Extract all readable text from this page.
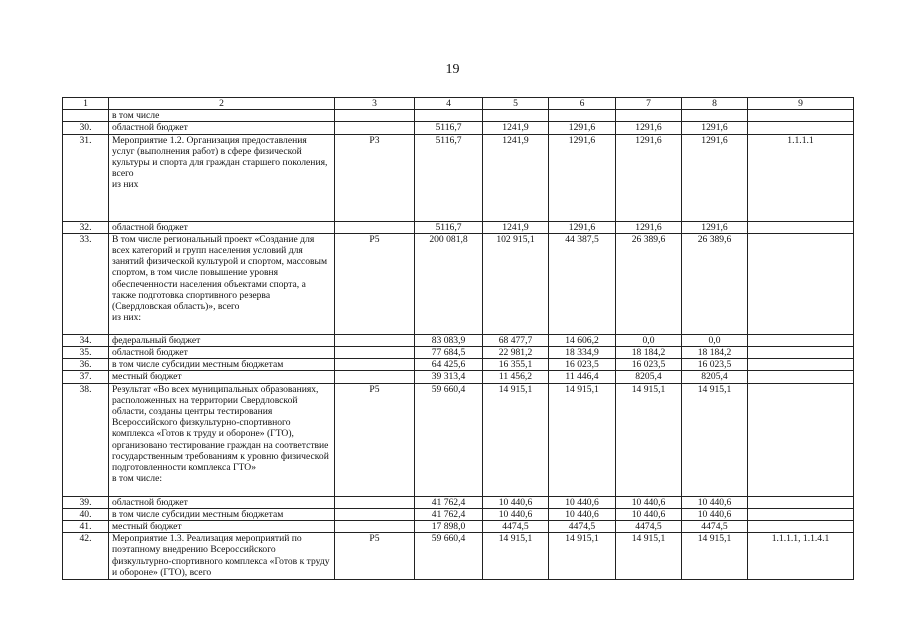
19
1	2	3	4	5	6	7	8	9
	в том числе							
30.	областной бюджет		5116,7	1241,9	1291,6	1291,6	1291,6	
31.	Мероприятие 1.2. Организация предоставления услуг (выполнения работ) в сфере физической культуры и спорта для граждан старшего поколения, всего
из них	P3	5116,7	1241,9	1291,6	1291,6	1291,6	1.1.1.1
32.	областной бюджет		5116,7	1241,9	1291,6	1291,6	1291,6	
33.	В том числе региональный проект «Создание для всех категорий и групп населения условий для занятий физической культурой и спортом, массовым спортом, в том числе повышение уровня обеспеченности населения объектами спорта, а также подготовка спортивного резерва (Свердловская область)», всего
из них:	P5	200 081,8	102 915,1	44 387,5	26 389,6	26 389,6	
34.	федеральный бюджет		83 083,9	68 477,7	14 606,2	0,0	0,0	
35.	областной бюджет		77 684,5	22 981,2	18 334,9	18 184,2	18 184,2	
36.	в том числе субсидии местным бюджетам		64 425,6	16 355,1	16 023,5	16 023,5	16 023,5	
37.	местный бюджет		39 313,4	11 456,2	11 446,4	8205,4	8205,4	
38.	Результат «Во всех муниципальных образованиях, расположенных на территории Свердловской области, созданы центры тестирования Всероссийского физкультурно-спортивного комплекса «Готов к труду и обороне» (ГТО), организовано тестирование граждан на соответствие государственным требованиям к уровню физической подготовленности комплекса ГТО»
в том числе:	P5	59 660,4	14 915,1	14 915,1	14 915,1	14 915,1	
39.	областной бюджет		41 762,4	10 440,6	10 440,6	10 440,6	10 440,6	
40.	в том числе субсидии местным бюджетам		41 762,4	10 440,6	10 440,6	10 440,6	10 440,6	
41.	местный бюджет		17 898,0	4474,5	4474,5	4474,5	4474,5	
42.	Мероприятие 1.3. Реализация мероприятий по поэтапному внедрению Всероссийского физкультурно-спортивного комплекса «Готов к труду и обороне» (ГТО), всего	P5	59 660,4	14 915,1	14 915,1	14 915,1	14 915,1	1.1.1.1, 1.1.4.1
